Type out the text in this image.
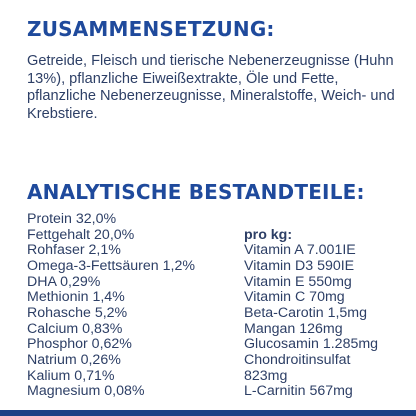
ZUSAMMENSETZUNG:

Getreide, Fleisch und tierische Nebenerzeugnisse (Huhn 13%), pflanzliche Eiweißextrakte, Öle und Fette, pflanzliche Nebenerzeugnisse, Mineralstoffe, Weich- und Krebstiere.

ANALYTISCHE BESTANDTEILE:
Protein 32,0%
Fettgehalt 20,0%
Rohfaser 2,1%
Omega-3-Fettsäuren 1,2%
DHA 0,29%
Methionin 1,4%
Rohasche 5,2%
Calcium 0,83%
Phosphor 0,62%
Natrium 0,26%
Kalium 0,71%
Magnesium 0,08%
pro kg:
Vitamin A 7.001IE
Vitamin D3 590IE
Vitamin E 550mg
Vitamin C 70mg
Beta-Carotin 1,5mg
Mangan 126mg
Glucosamin 1.285mg
Chondroitinsulfat
823mg
L-Carnitin 567mg
